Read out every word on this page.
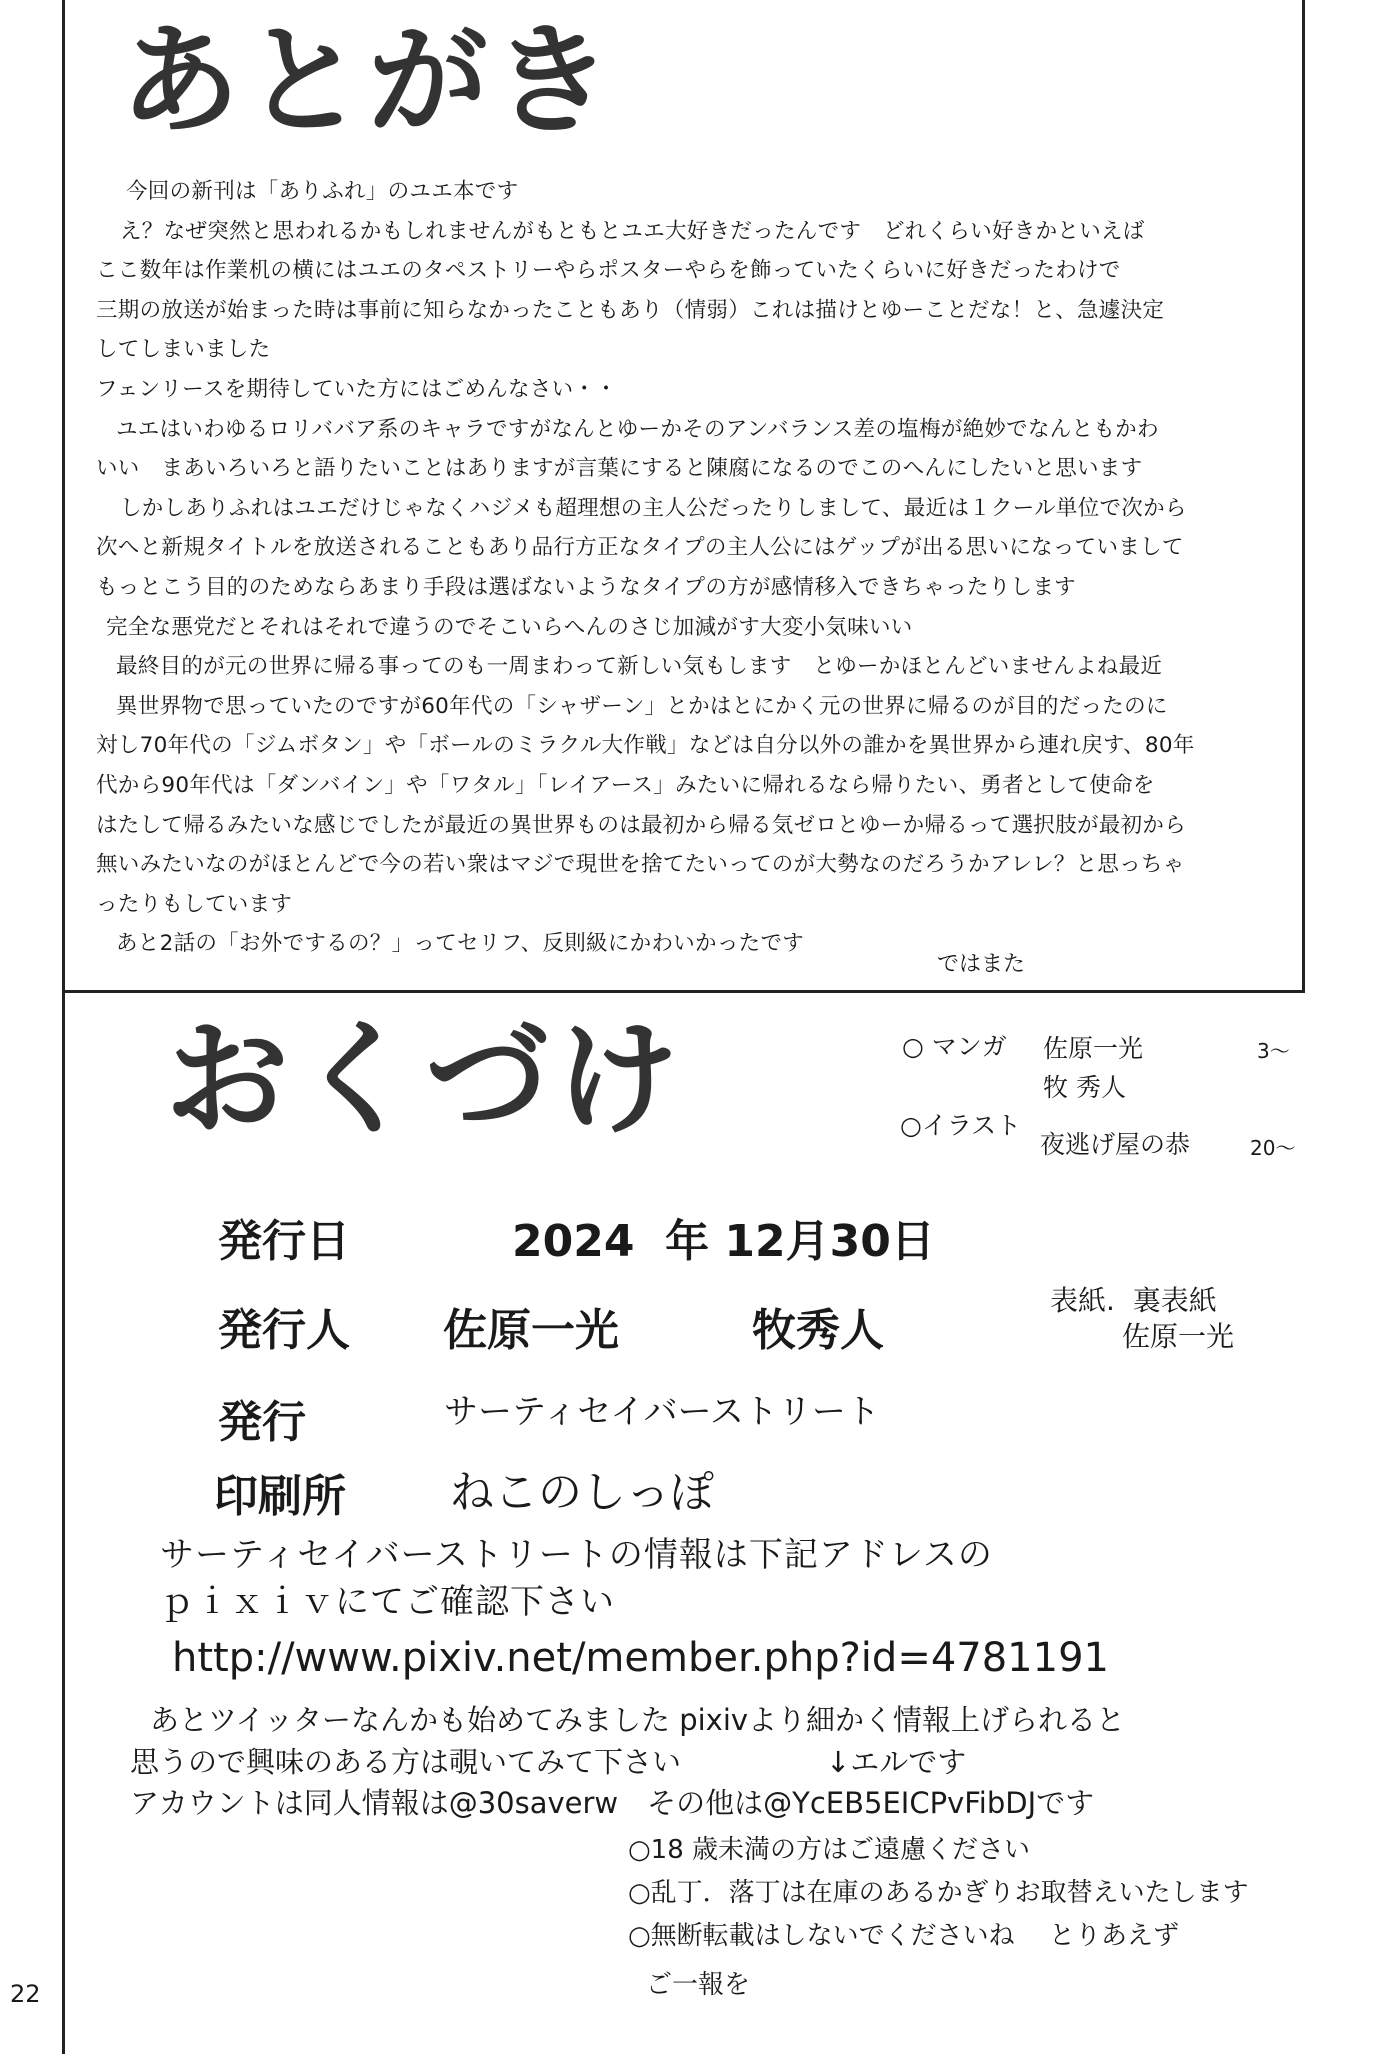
あとがき

今回の新刊は「ありふれ」のユエ本です

え？なぜ突然と思われるかもしれませんがもともとユエ大好きだったんです　どれくらい好きかといえば

ここ数年は作業机の横にはユエのタペストリーやらポスターやらを飾っていたくらいに好きだったわけで

三期の放送が始まった時は事前に知らなかったこともあり（情弱）これは描けとゆーことだな！と、急遽決定

してしまいました

フェンリースを期待していた方にはごめんなさい・・

ユエはいわゆるロリババア系のキャラですがなんとゆーかそのアンバランス差の塩梅が絶妙でなんともかわ

いい　まあいろいろと語りたいことはありますが言葉にすると陳腐になるのでこのへんにしたいと思います

しかしありふれはユエだけじゃなくハジメも超理想の主人公だったりしまして、最近は１クール単位で次から

次へと新規タイトルを放送されることもあり品行方正なタイプの主人公にはゲップが出る思いになっていまして

もっとこう目的のためならあまり手段は選ばないようなタイプの方が感情移入できちゃったりします

完全な悪党だとそれはそれで違うのでそこいらへんのさじ加減がす大変小気味いい

最終目的が元の世界に帰る事ってのも一周まわって新しい気もします　とゆーかほとんどいませんよね最近

異世界物で思っていたのですが60年代の「シャザーン」とかはとにかく元の世界に帰るのが目的だったのに

対し70年代の「ジムボタン」や「ボールのミラクル大作戦」などは自分以外の誰かを異世界から連れ戻す、80年

代から90年代は「ダンバイン」や「ワタル」「レイアース」みたいに帰れるなら帰りたい、勇者として使命を

はたして帰るみたいな感じでしたが最近の異世界ものは最初から帰る気ゼロとゆーか帰るって選択肢が最初から

無いみたいなのがほとんどで今の若い衆はマジで現世を捨てたいってのが大勢なのだろうかアレレ？と思っちゃ

ったりもしています

あと2話の「お外でするの？」ってセリフ、反則級にかわいかったです

ではまた
おくづけ	○ マンガ 佐原一光	3～
牧 秀人
○イラスト
夜逃げ屋の恭	20～
発行日	2024  年 12月30日
発行人 佐原一光	牧秀人
表紙.  裏表紙
佐原一光
発行	サーティセイバーストリート
印刷所 ねこのしっぽ
サーティセイバーストリートの情報は下記アドレスの
ｐｉｘｉｖにてご確認下さい
http://www.pixiv.net/member.php?id=4781191
あとツイッターなんかも始めてみました pixivより細かく情報上げられると
思うので興味のある方は覗いてみて下さい　　　　　↓エルです
アカウントは同人情報は@30saverw　その他は@YcEB5EICPvFibDJです
○18 歳未満の方はご遠慮ください
○乱丁．落丁は在庫のあるかぎりお取替えいたします
○無断転載はしないでくださいね　 とりあえず
ご一報を
22
